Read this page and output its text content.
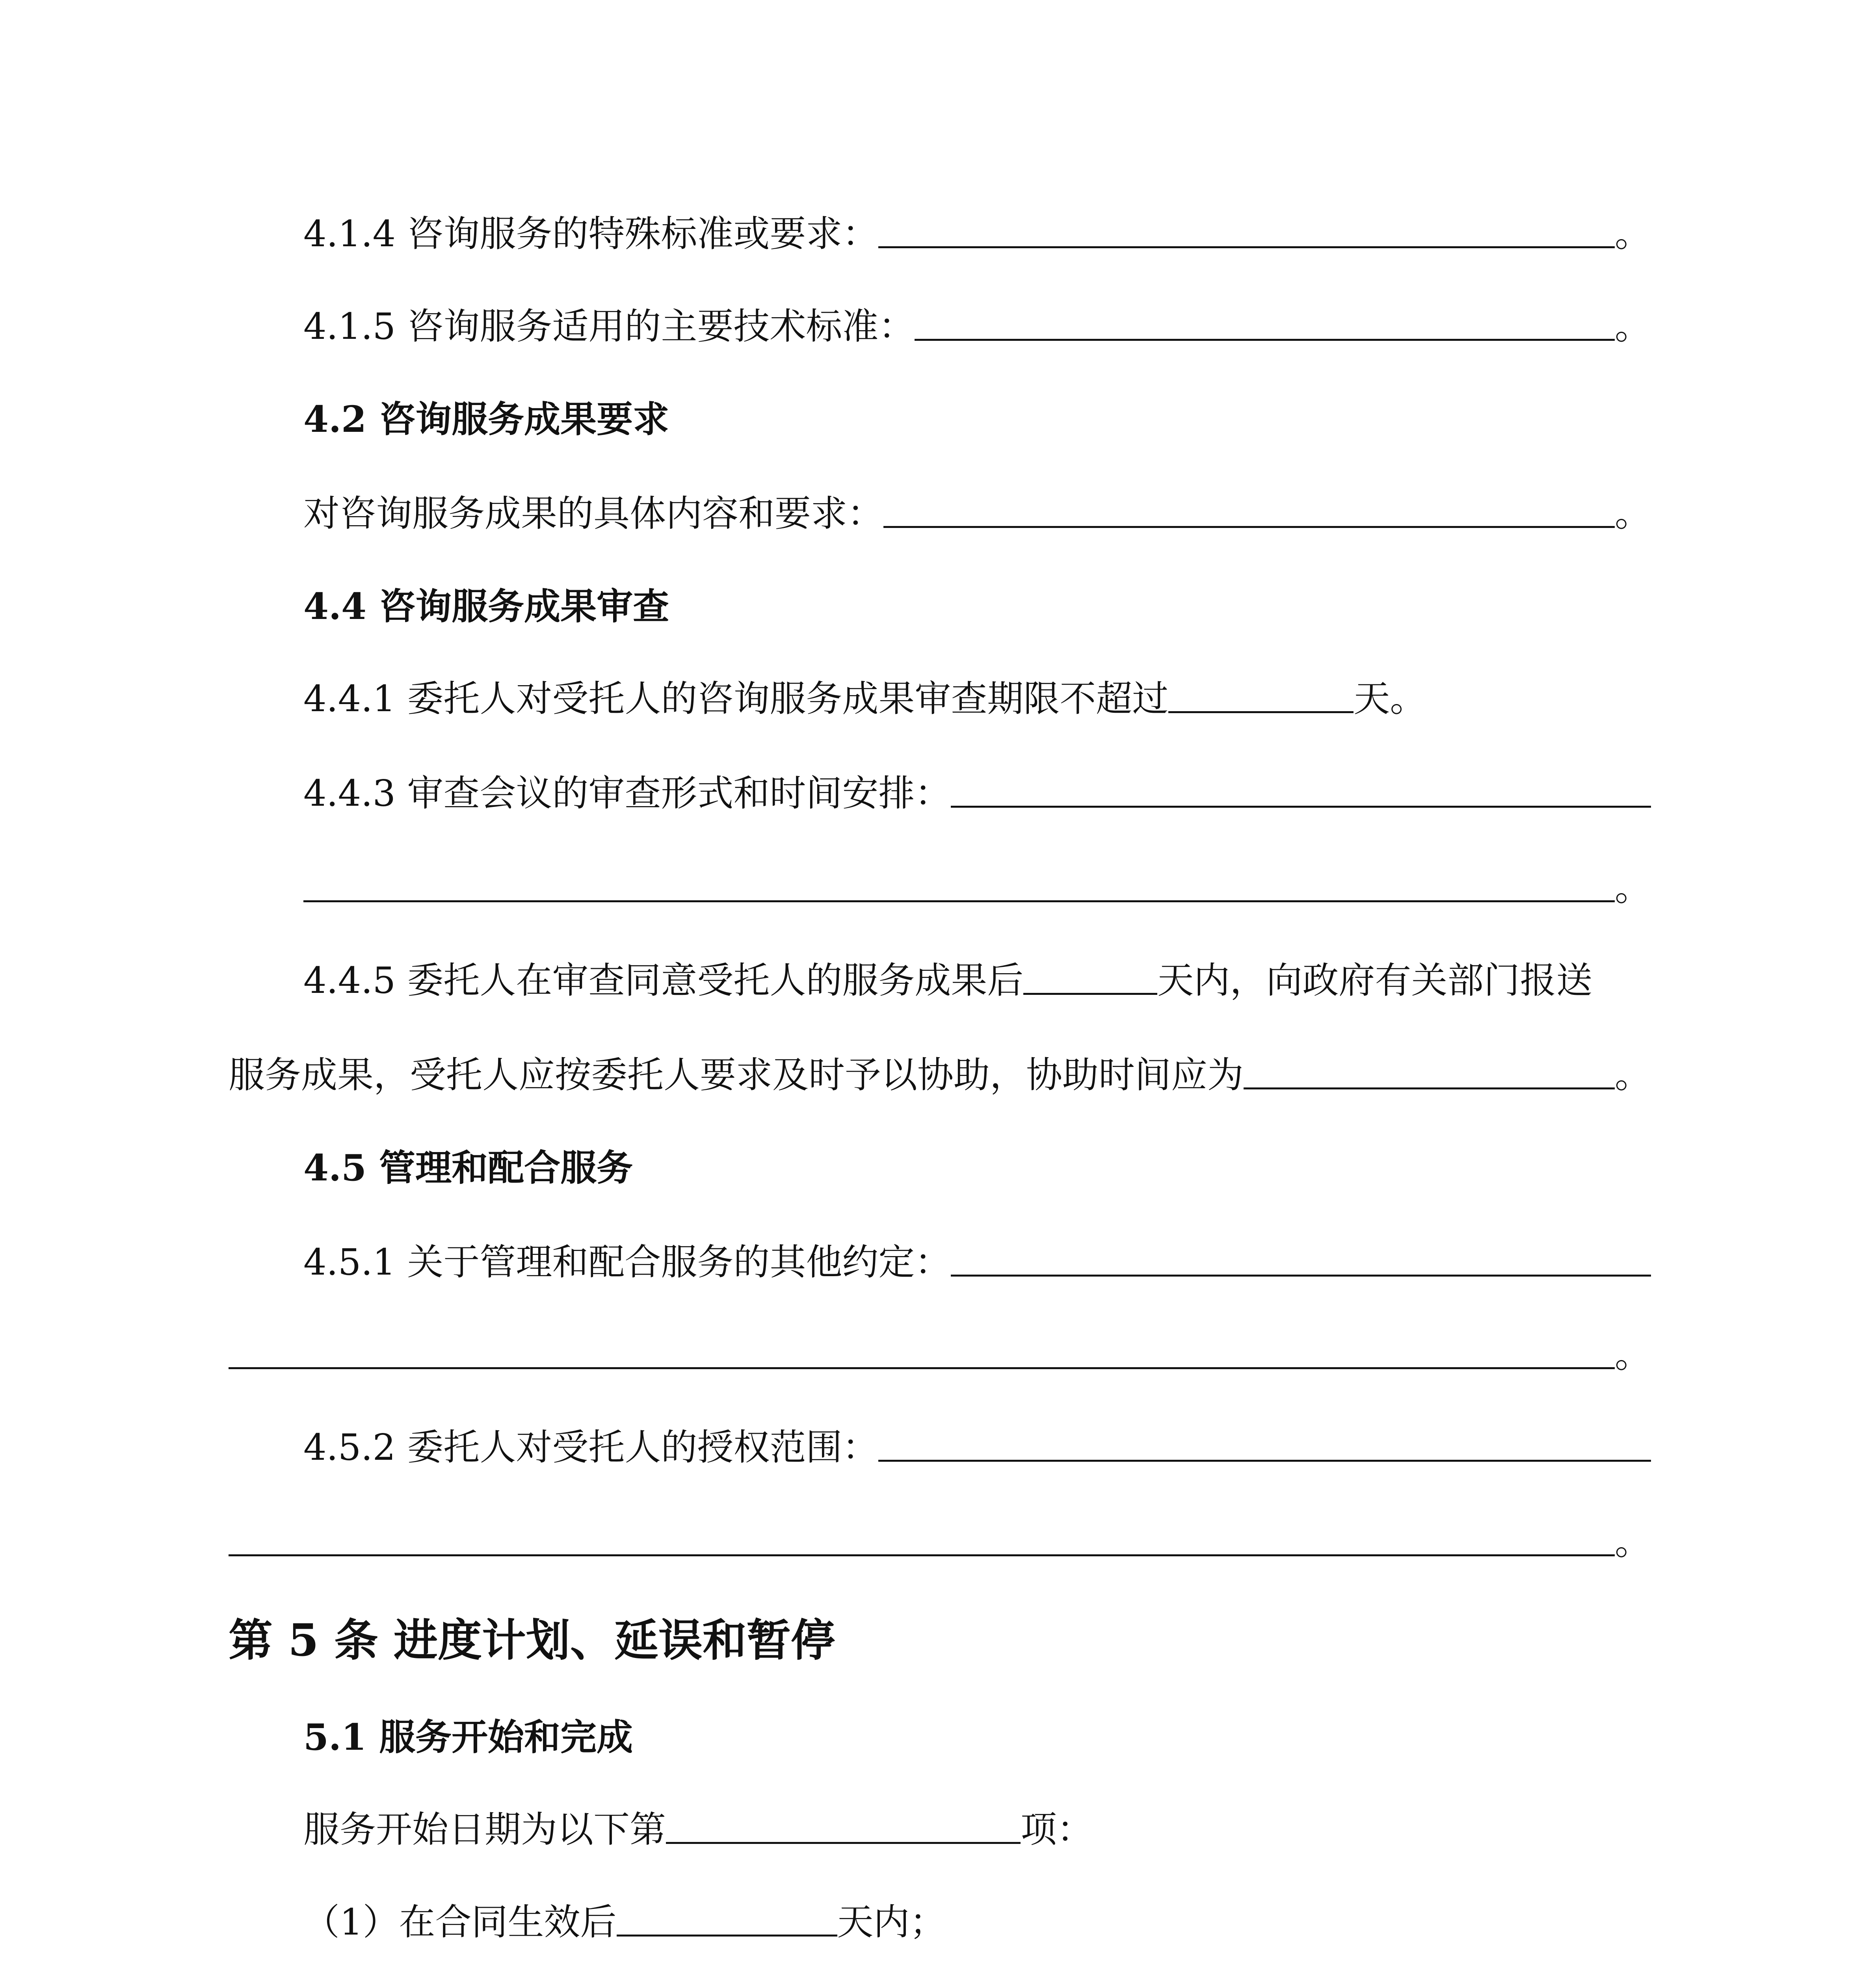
4.1.4 咨询服务的特殊标准或要求：	。
4.1.5 咨询服务适用的主要技术标准：	。
4.2 咨询服务成果要求
对咨询服务成果的具体内容和要求：	。
4.4 咨询服务成果审查
4.4.1 委托人对受托人的咨询服务成果审查期限不超过	天。
4.4.3 审查会议的审查形式和时间安排：
。
4.4.5 委托人在审查同意受托人的服务成果后	天内，向政府有关部门报送
服务成果，受托人应按委托人要求及时予以协助，协助时间应为	。
4.5 管理和配合服务
4.5.1 关于管理和配合服务的其他约定：
。
4.5.2 委托人对受托人的授权范围：
。
第 5 条 进度计划、延误和暂停
5.1 服务开始和完成
服务开始日期为以下第	项：
（1）在合同生效后	天内；
